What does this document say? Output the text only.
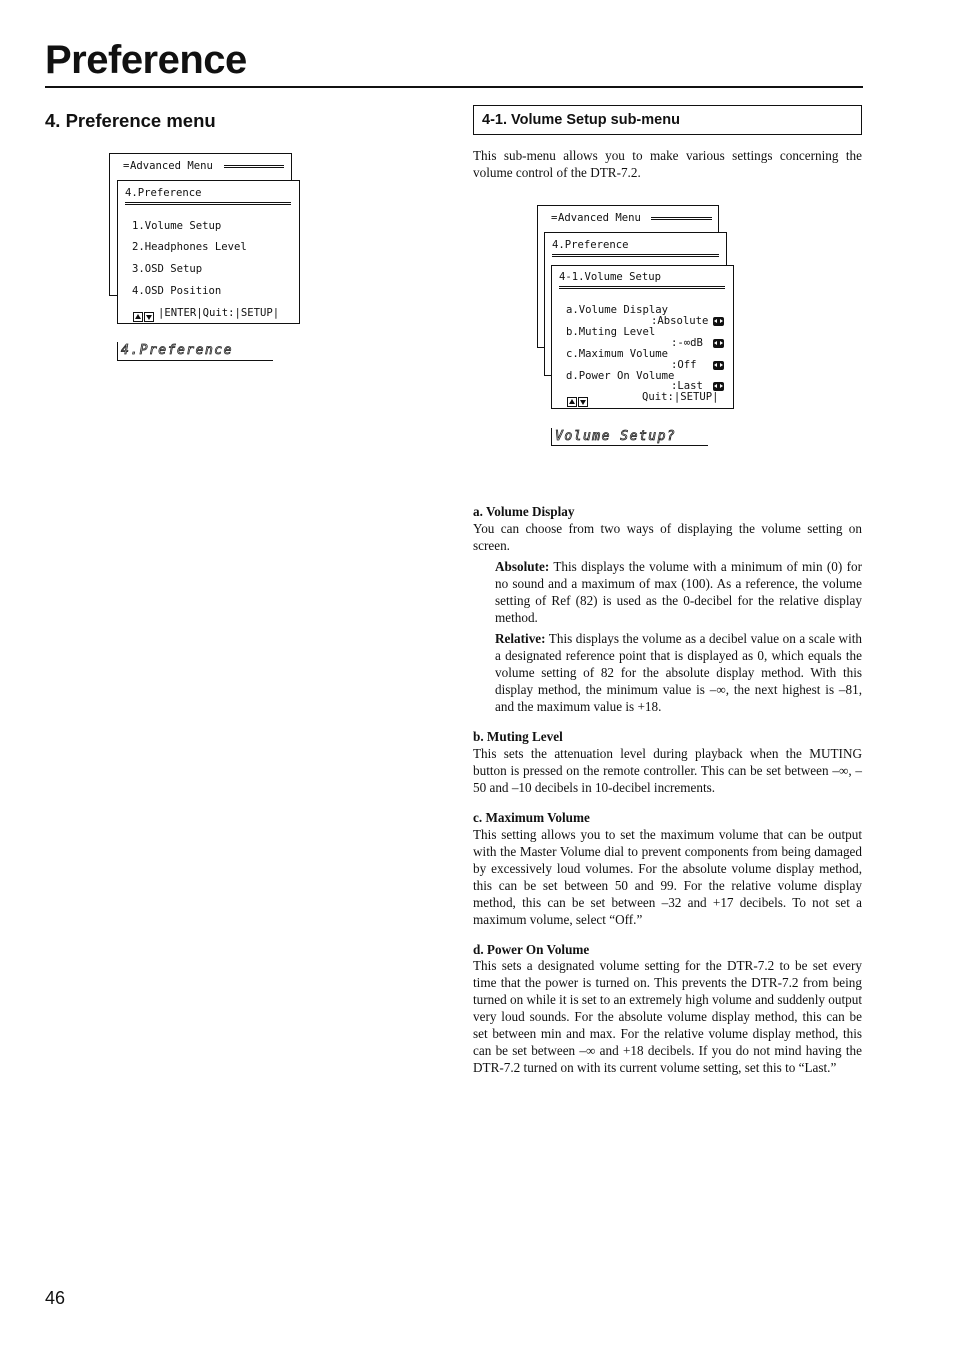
Preference
4. Preference menu
= Advanced Menu
4.Preference
1.Volume Setup
2.Headphones Level
3.OSD Setup
4.OSD Position
|ENTER|Quit:|SETUP|
4.Preference
4-1. Volume Setup sub-menu

This sub-menu allows you to make various settings concerning the volume control of the DTR-7.2.

= Advanced Menu
4.Preference
4-1.Volume Setup
a.Volume Display
:Absolute
b.Muting Level
:-∞dB
c.Maximum Volume
:Off
d.Power On Volume
:Last
Quit:|SETUP|
Volume Setup?

a. Volume Display

You can choose from two ways of displaying the volume setting on screen.

Absolute: This displays the volume with a minimum of min (0) for no sound and a maximum of max (100). As a reference, the volume setting of Ref (82) is used as the 0-decibel for the relative display method.

Relative: This displays the volume as a decibel value on a scale with a designated reference point that is displayed as 0, which equals the volume setting of 82 for the absolute display method. With this display method, the minimum value is –∞, the next highest is –81, and the maximum value is +18.

b. Muting Level

This sets the attenuation level during playback when the MUTING button is pressed on the remote controller. This can be set between –∞, –50 and –10 decibels in 10-decibel increments.

c. Maximum Volume

This setting allows you to set the maximum volume that can be output with the Master Volume dial to prevent components from being damaged by excessively loud volumes. For the absolute volume display method, this can be set between 50 and 99. For the relative volume display method, this can be set between –32 and +17 decibels. To not set a maximum volume, select “Off.”

d. Power On Volume

This sets a designated volume setting for the DTR-7.2 to be set every time that the power is turned on. This prevents the DTR-7.2 from being turned on while it is set to an extremely high volume and suddenly output very loud sounds. For the absolute volume display method, this can be set between min and max. For the relative volume display method, this can be set between –∞ and +18 decibels. If you do not mind having the DTR-7.2 turned on with its current volume setting, set this to “Last.”

46
